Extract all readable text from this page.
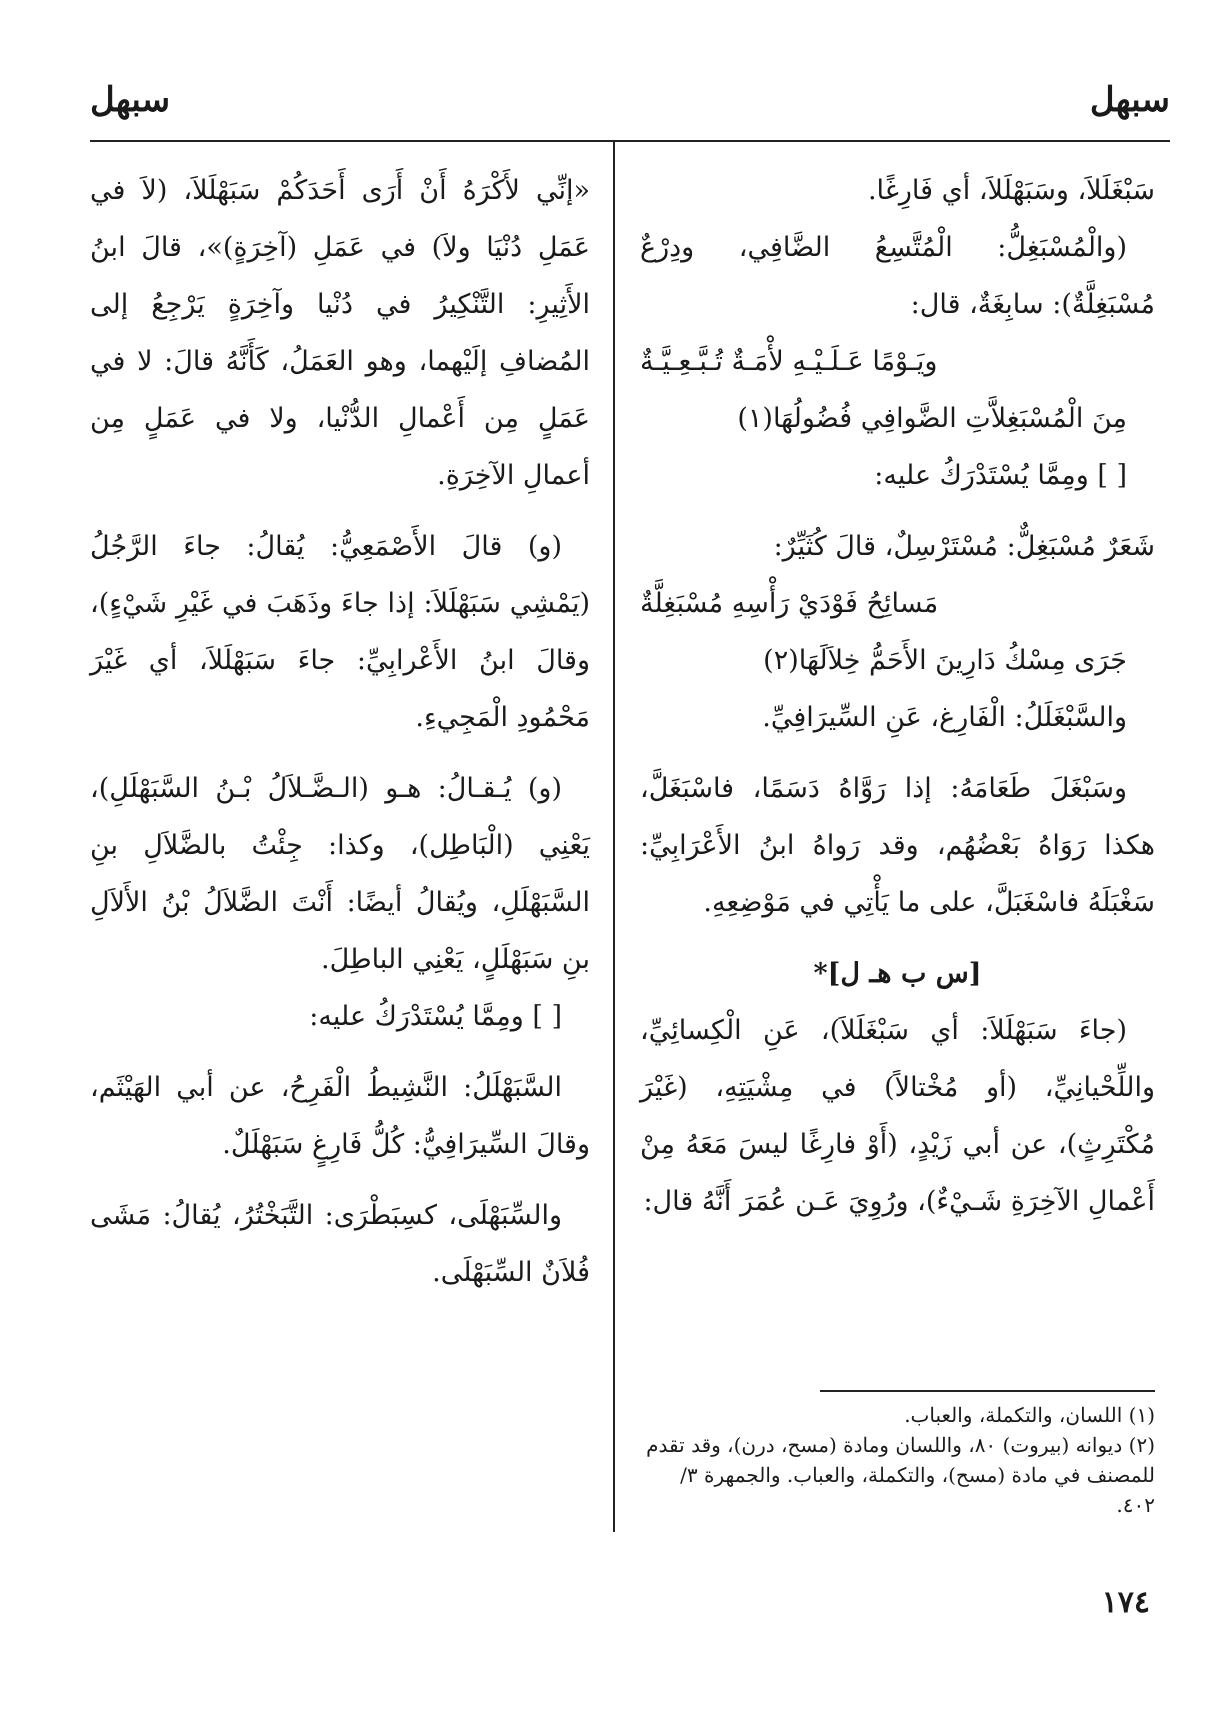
سبهل
سبهل

سَبْغَلَلاَ، وسَبَهْلَلاَ، أي فَارِغًا.

(والْمُسْبَغِلُّ: الْمُتَّسِعُ الضَّافِي، ودِرْعٌ مُسْبَغِلَّةٌ): سابِغَةٌ، قال:

ويَـوْمًا عَـلَـيْـهِ لأْمَـةٌ تُـبَّـعِـيَّـةٌ

مِنَ الْمُسْبَغِلاَّتِ الضَّوافِي فُضُولُهَا(١)

[ ] ومِمَّا يُسْتَدْرَكُ عليه:

شَعَرٌ مُسْبَغِلٌّ: مُسْتَرْسِلٌ، قالَ كُثَيِّرٌ:

مَسائِحُ فَوْدَيْ رَأْسِهِ مُسْبَغِلَّةٌ

جَرَى مِسْكُ دَارِينَ الأَحَمُّ خِلاَلَهَا(٢)

والسَّبْغَلَلُ: الْفَارِغ، عَنِ السِّيرَافِيِّ.

وسَبْغَلَ طَعَامَهُ: إذا رَوَّاهُ دَسَمًا، فاسْبَغَلَّ، هكذا رَوَاهُ بَعْضُهُم، وقد رَواهُ ابنُ الأَعْرَابِيِّ: سَغْبَلَهُ فاسْغَبَلَّ، على ما يَأْتِي في مَوْضِعِهِ.

[س ب هـ ل]*

(جاءَ سَبَهْلَلاَ: أي سَبْغَلَلاَ)، عَنِ الْكِسائِيِّ، واللِّحْيانِيِّ، (أو مُخْتالاً) في مِشْيَتِهِ، (غَيْرَ مُكْتَرِثٍ)، عن أبي زَيْدٍ، (أَوْ فارِغًا ليسَ مَعَهُ مِنْ أَعْمالِ الآخِرَةِ شَـيْءٌ)، ورُوِيَ عَـن عُمَرَ أَنَّهُ قال:

«إنِّي لأَكْرَهُ أَنْ أَرَى أَحَدَكُمْ سَبَهْلَلاَ، (لاَ في عَمَلِ دُنْيَا ولاَ) في عَمَلِ (آخِرَةٍ)»، قالَ ابنُ الأَثِيرِ: التَّنْكِيرُ في دُنْيا وآخِرَةٍ يَرْجِعُ إلى المُضافِ إلَيْهما، وهو العَمَلُ، كَأَنَّهُ قالَ: لا في عَمَلٍ مِن أَعْمالِ الدُّنْيا، ولا في عَمَلٍ مِن أعمالِ الآخِرَةِ.

(و) قالَ الأَصْمَعِيُّ: يُقالُ: جاءَ الرَّجُلُ (يَمْشِي سَبَهْلَلاَ: إذا جاءَ وذَهَبَ في غَيْرِ شَيْءٍ)، وقالَ ابنُ الأَعْرابِيِّ: جاءَ سَبَهْلَلاَ، أي غَيْرَ مَحْمُودِ الْمَجِيءِ.

(و) يُـقـالُ: هـو (الـضَّـلاَلُ بْـنُ السَّبَهْلَلِ)، يَعْنِي (الْبَاطِل)، وكذا: جِئْتُ بالضَّلاَلِ بنِ السَّبَهْلَلِ، ويُقالُ أيضًا: أَنْتَ الضَّلاَلُ بْنُ الأَلاَلِ بنِ سَبَهْلَلٍ، يَعْنِي الباطِلَ.

[ ] ومِمَّا يُسْتَدْرَكُ عليه:

السَّبَهْلَلُ: النَّشِيطُ الْفَرِحُ، عن أبي الهَيْثَم، وقالَ السِّيرَافِيُّ: كُلُّ فَارِغٍ سَبَهْلَلٌ.

والسِّبَهْلَى، كسِبَطْرَى: التَّبَخْتُرُ، يُقالُ: مَشَى فُلاَنٌ السِّبَهْلَى.

(١) اللسان، والتكملة، والعباب.

(٢) ديوانه (بيروت) ٨٠، واللسان ومادة (مسح، درن)، وقد تقدم للمصنف في مادة (مسح)، والتكملة، والعباب. والجمهرة ٣/ ٤٠٢.

١٧٤
